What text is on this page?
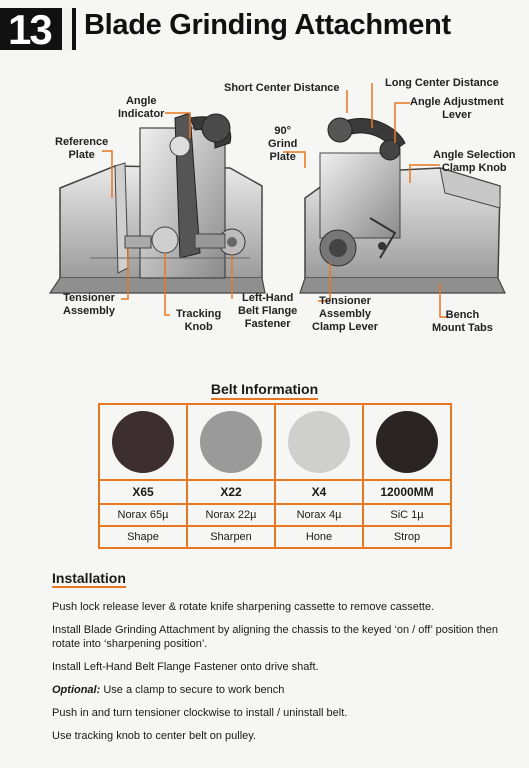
13 Blade Grinding Attachment
Angle
Indicator
Reference
Plate
Short Center Distance	Long Center Distance
Angle Adjustment
Lever
90°
Grind
Plate	Angle Selection
Clamp Knob
Tensioner
Assembly	Tracking
Knob
Left-Hand
Belt Flange
Fastener
Tensioner
Assembly
Clamp Lever
Bench
Mount Tabs
Belt Information

X65	X22	X4	12000MM
Norax 65µ	Norax 22µ	Norax 4µ	SiC 1µ
Shape	Sharpen	Hone	Strop
Installation

Push lock release lever & rotate knife sharpening cassette to remove cassette.

Install Blade Grinding Attachment by aligning the chassis to the keyed ‘on / off’ position then rotate into ‘sharpening position’.

Install Left-Hand Belt Flange Fastener onto drive shaft.

Optional: Use a clamp to secure to work bench

Push in and turn tensioner clockwise to install / uninstall belt.

Use tracking knob to center belt on pulley.
